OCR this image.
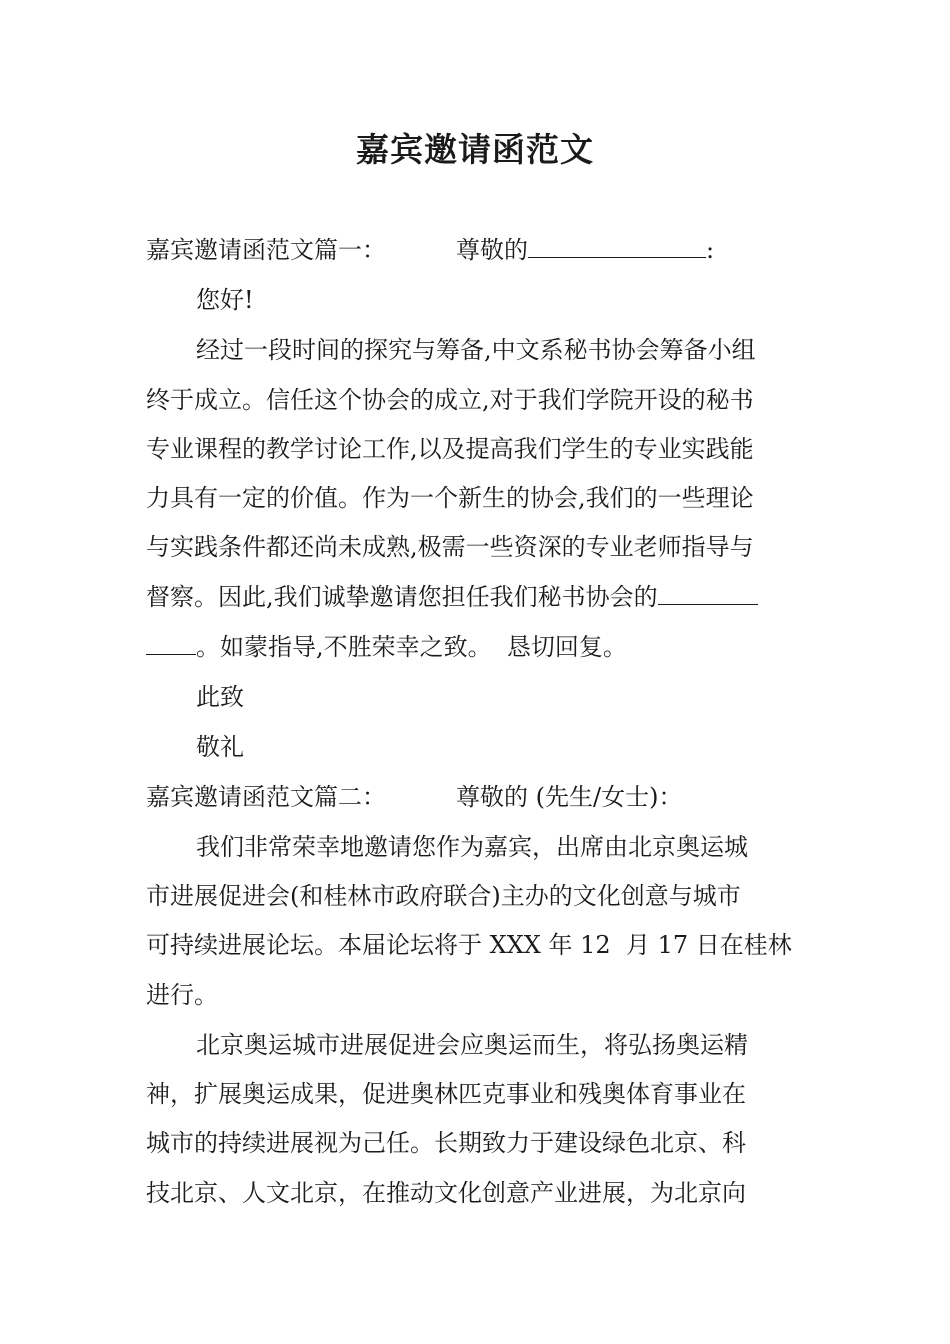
嘉宾邀请函范文
嘉宾邀请函范文篇一：	尊敬的	:
您好!
经过一段时间的探究与筹备,中文系秘书协会筹备小组
终于成立。信任这个协会的成立,对于我们学院开设的秘书
专业课程的教学讨论工作,以及提高我们学生的专业实践能
力具有一定的价值。作为一个新生的协会,我们的一些理论
与实践条件都还尚未成熟,极需一些资深的专业老师指导与
督察。因此,我们诚挚邀请您担任我们秘书协会的
。如蒙指导,不胜荣幸之致。  恳切回复。
此致
敬礼
嘉宾邀请函范文篇二：	尊敬的 (先生/女士)：
我们非常荣幸地邀请您作为嘉宾，出席由北京奥运城
市进展促进会(和桂林市政府联合)主办的文化创意与城市
可持续进展论坛。本届论坛将于 XXX 年 12  月 17 日在桂林
进行。
北京奥运城市进展促进会应奥运而生，将弘扬奥运精
神，扩展奥运成果，促进奥林匹克事业和残奥体育事业在
城市的持续进展视为己任。长期致力于建设绿色北京、科
技北京、人文北京，在推动文化创意产业进展，为北京向
